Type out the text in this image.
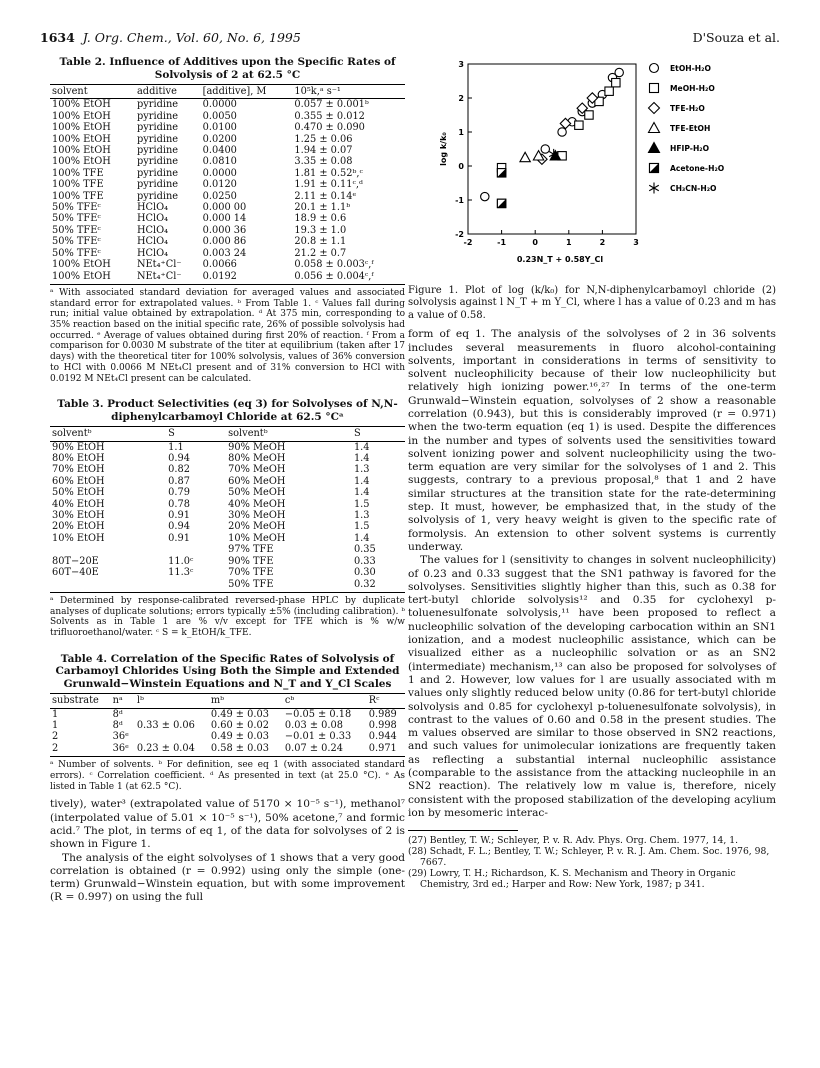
1634 J. Org. Chem., Vol. 60, No. 6, 1995	D'Souza et al.
Table 2. Influence of Additives upon the Specific Rates of Solvolysis of 2 at 62.5 °C
solvent	additive	[additive], M	10⁵k,ᵃ s⁻¹
100% EtOH	pyridine	0.0000	0.057 ± 0.001ᵇ
100% EtOH	pyridine	0.0050	0.355 ± 0.012
100% EtOH	pyridine	0.0100	0.470 ± 0.090
100% EtOH	pyridine	0.0200	1.25 ± 0.06
100% EtOH	pyridine	0.0400	1.94 ± 0.07
100% EtOH	pyridine	0.0810	3.35 ± 0.08
100% TFE	pyridine	0.0000	1.81 ± 0.52ᵇ,ᶜ
100% TFE	pyridine	0.0120	1.91 ± 0.11ᶜ,ᵈ
100% TFE	pyridine	0.0250	2.11 ± 0.14ᵉ
50% TFEᶜ	HClO₄	0.000 00	20.1 ± 1.1ᵇ
50% TFEᶜ	HClO₄	0.000 14	18.9 ± 0.6
50% TFEᶜ	HClO₄	0.000 36	19.3 ± 1.0
50% TFEᶜ	HClO₄	0.000 86	20.8 ± 1.1
50% TFEᶜ	HClO₄	0.003 24	21.2 ± 0.7
100% EtOH	NEt₄⁺Cl⁻	0.0066	0.058 ± 0.003ᶜ,ᶠ
100% EtOH	NEt₄⁺Cl⁻	0.0192	0.056 ± 0.004ᶜ,ᶠ
ᵃ With associated standard deviation for averaged values and associated standard error for extrapolated values. ᵇ From Table 1. ᶜ Values fall during run; initial value obtained by extrapolation. ᵈ At 375 min, corresponding to 35% reaction based on the initial specific rate, 26% of possible solvolysis had occurred. ᵉ Average of values obtained during first 20% of reaction. ᶠ From a comparison for 0.0030 M substrate of the titer at equilibrium (taken after 17 days) with the theoretical titer for 100% solvolysis, values of 36% conversion to HCl with 0.0066 M NEt₄Cl present and of 31% conversion to HCl with 0.0192 M NEt₄Cl present can be calculated.
Table 3. Product Selectivities (eq 3) for Solvolyses of N,N-diphenylcarbamoyl Chloride at 62.5 °Cᵃ
solventᵇ	S	solventᵇ	S
90% EtOH	1.1	90% MeOH	1.4
80% EtOH	0.94	80% MeOH	1.4
70% EtOH	0.82	70% MeOH	1.3
60% EtOH	0.87	60% MeOH	1.4
50% EtOH	0.79	50% MeOH	1.4
40% EtOH	0.78	40% MeOH	1.5
30% EtOH	0.91	30% MeOH	1.3
20% EtOH	0.94	20% MeOH	1.5
10% EtOH	0.91	10% MeOH	1.4
		97% TFE	0.35
80T−20E	11.0ᶜ	90% TFE	0.33
60T−40E	11.3ᶜ	70% TFE	0.30
		50% TFE	0.32
ᵃ Determined by response-calibrated reversed-phase HPLC by duplicate analyses of duplicate solutions; errors typically ±5% (including calibration). ᵇ Solvents as in Table 1 are % v/v except for TFE which is % w/w trifluoroethanol/water. ᶜ S = k_EtOH/k_TFE.
Table 4. Correlation of the Specific Rates of Solvolysis of Carbamoyl Chlorides Using Both the Simple and Extended Grunwald−Winstein Equations and N_T and Y_Cl Scales
substrate	nᵃ	lᵇ	mᵇ	cᵇ	Rᶜ
1	8ᵈ		0.49 ± 0.03	−0.05 ± 0.18	0.989
1	8ᵈ	0.33 ± 0.06	0.60 ± 0.02	0.03 ± 0.08	0.998
2	36ᵉ		0.49 ± 0.03	−0.01 ± 0.33	0.944
2	36ᵉ	0.23 ± 0.04	0.58 ± 0.03	0.07 ± 0.24	0.971
ᵃ Number of solvents. ᵇ For definition, see eq 1 (with associated standard errors). ᶜ Correlation coefficient. ᵈ As presented in text (at 25.0 °C). ᵉ As listed in Table 1 (at 62.5 °C).

tively), water³ (extrapolated value of 5170 × 10⁻⁵ s⁻¹), methanol⁷ (interpolated value of 5.01 × 10⁻⁵ s⁻¹), 50% acetone,⁷ and formic acid.⁷ The plot, in terms of eq 1, of the data for solvolyses of 2 is shown in Figure 1.

The analysis of the eight solvolyses of 1 shows that a very good correlation is obtained (r = 0.992) using only the simple (one-term) Grunwald−Winstein equation, but with some improvement (R = 0.997) on using the full

-2	-1	0	1	2	3
3
2
1
0
-1
-2
0.23N_T + 0.58Y_Cl
log k/k₀
EtOH-H₂O
MeOH-H₂O
TFE-H₂O
TFE-EtOH
HFIP-H₂O
Acetone-H₂O
CH₃CN-H₂O
Figure 1. Plot of log (k/k₀) for N,N-diphenylcarbamoyl chloride (2) solvolysis against l N_T + m Y_Cl, where l has a value of 0.23 and m has a value of 0.58.

form of eq 1. The analysis of the solvolyses of 2 in 36 solvents includes several measurements in fluoro alcohol-containing solvents, important in considerations in terms of sensitivity to solvent nucleophilicity because of their low nucleophilicity but relatively high ionizing power.¹⁶,²⁷ In terms of the one-term Grunwald−Winstein equation, solvolyses of 2 show a reasonable correlation (0.943), but this is considerably improved (r = 0.971) when the two-term equation (eq 1) is used. Despite the differences in the number and types of solvents used the sensitivities toward solvent ionizing power and solvent nucleophilicity using the two-term equation are very similar for the solvolyses of 1 and 2. This suggests, contrary to a previous proposal,⁸ that 1 and 2 have similar structures at the transition state for the rate-determining step. It must, however, be emphasized that, in the study of the solvolysis of 1, very heavy weight is given to the specific rate of formolysis. An extension to other solvent systems is currently underway.

The values for l (sensitivity to changes in solvent nucleophilicity) of 0.23 and 0.33 suggest that the SN1 pathway is favored for the solvolyses. Sensitivities slightly higher than this, such as 0.38 for tert-butyl chloride solvolysis¹² and 0.35 for cyclohexyl p-toluenesulfonate solvolysis,¹¹ have been proposed to reflect a nucleophilic solvation of the developing carbocation within an SN1 ionization, and a modest nucleophilic assistance, which can be visualized either as a nucleophilic solvation or as an SN2 (intermediate) mechanism,¹³ can also be proposed for solvolyses of 1 and 2. However, low values for l are usually associated with m values only slightly reduced below unity (0.86 for tert-butyl chloride solvolysis and 0.85 for cyclohexyl p-toluenesulfonate solvolysis), in contrast to the values of 0.60 and 0.58 in the present studies. The m values observed are similar to those observed in SN2 reactions, and such values for unimolecular ionizations are frequently taken as reflecting a substantial internal nucleophilic assistance (comparable to the assistance from the attacking nucleophile in an SN2 reaction). The relatively low m value is, therefore, nicely consistent with the proposed stabilization of the developing acylium ion by mesomeric interac-

(27) Bentley, T. W.; Schleyer, P. v. R. Adv. Phys. Org. Chem. 1977, 14, 1.

(28) Schadt, F. L.; Bentley, T. W.; Schleyer, P. v. R. J. Am. Chem. Soc. 1976, 98, 7667.

(29) Lowry, T. H.; Richardson, K. S. Mechanism and Theory in Organic Chemistry, 3rd ed.; Harper and Row: New York, 1987; p 341.
